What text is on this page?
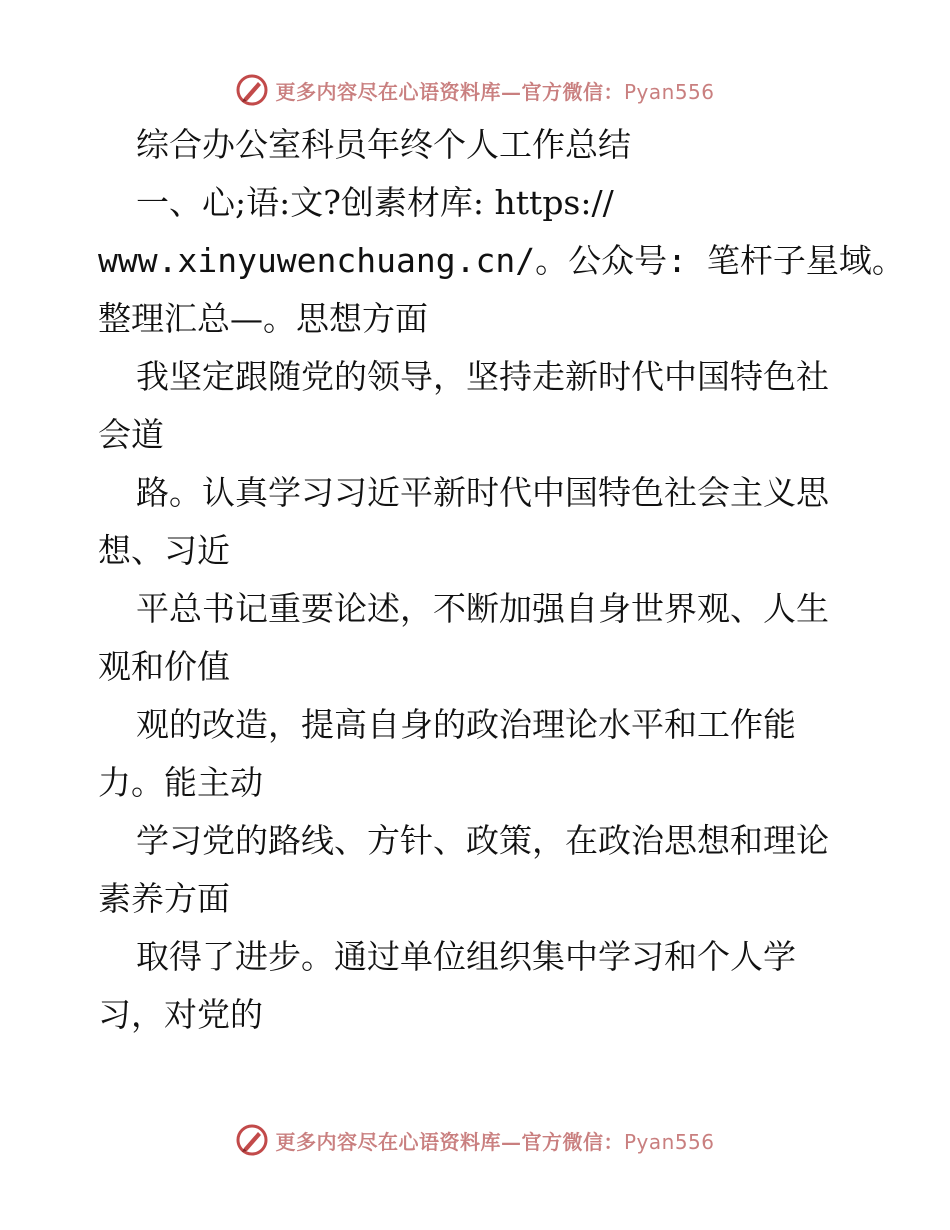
更多内容尽在心语资料库—官方微信：Pyan556
综合办公室科员年终个人工作总结
一、心;语:文?创素材库: https://
www.xinyuwenchuang.cn/。公众号: 笔杆子星域。
整理汇总—。思想方面
我坚定跟随党的领导，坚持走新时代中国特色社
会道
路。认真学习习近平新时代中国特色社会主义思
想、习近
平总书记重要论述，不断加强自身世界观、人生
观和价值
观的改造，提高自身的政治理论水平和工作能
力。能主动
学习党的路线、方针、政策，在政治思想和理论
素养方面
取得了进步。通过单位组织集中学习和个人学
习，对党的
更多内容尽在心语资料库—官方微信：Pyan556
